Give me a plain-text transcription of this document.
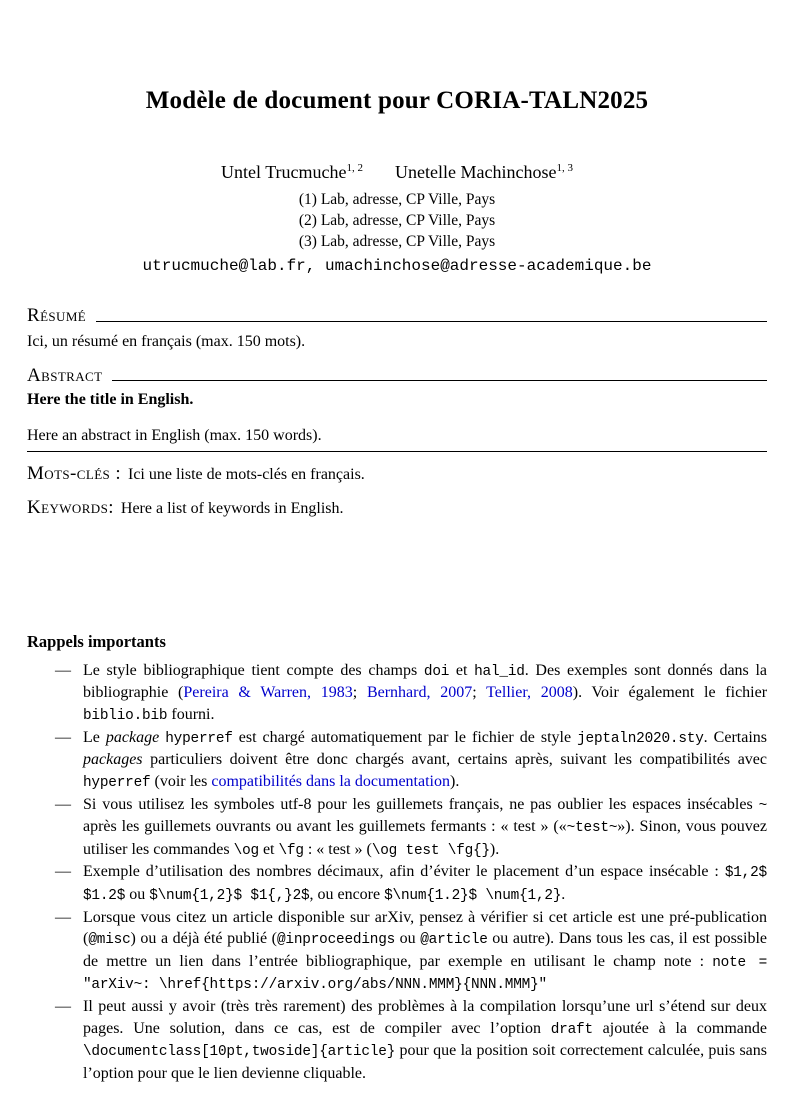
Modèle de document pour CORIA-TALN2025
Untel Trucmuche$^{1, 2}$ Unetelle Machinchose$^{1, 3}$
(1) Lab, adresse, CP Ville, Pays
(2) Lab, adresse, CP Ville, Pays
(3) Lab, adresse, CP Ville, Pays
utrucmuche@lab.fr, umachinchose@adresse-academique.be
Résumé

Ici, un résumé en français (max. 150 mots).

Abstract

Here the title in English.

Here an abstract in English (max. 150 words).

Mots-clés : Ici une liste de mots-clés en français.

Keywords: Here a list of keywords in English.

Rappels importants
— Le style bibliographique tient compte des champs doi et hal_id. Des exemples sont donnés dans la bibliographie (Pereira & Warren, 1983; Bernhard, 2007; Tellier, 2008). Voir également le fichier biblio.bib fourni.
— Le package hyperref est chargé automatiquement par le fichier de style jeptaln2020.sty. Certains packages particuliers doivent être donc chargés avant, certains après, suivant les compatibilités avec hyperref (voir les compatibilités dans la documentation).
— Si vous utilisez les symboles utf-8 pour les guillemets français, ne pas oublier les espaces insécables ~ après les guillemets ouvrants ou avant les guillemets fermants : « test » («~test~»). Sinon, vous pouvez utiliser les commandes \og et \fg : « test » (\og test \fg{}).
— Exemple d’utilisation des nombres décimaux, afin d’éviter le placement d’un espace insécable : $1,2$ $1.2$ ou $\num{1,2}$ $1{,}2$, ou encore $\num{1.2}$ \num{1,2}.
— Lorsque vous citez un article disponible sur arXiv, pensez à vérifier si cet article est une pré-publication (@misc) ou a déjà été publié (@inproceedings ou @article ou autre). Dans tous les cas, il est possible de mettre un lien dans l’entrée bibliographique, par exemple en utilisant le champ note : note = "arXiv~: \href{https://arxiv.org/abs/NNN.MMM}{NNN.MMM}"
— Il peut aussi y avoir (très très rarement) des problèmes à la compilation lorsqu’une url s’étend sur deux pages. Une solution, dans ce cas, est de compiler avec l’option draft ajoutée à la commande \documentclass[10pt,twoside]{article} pour que la position soit correctement calculée, puis sans l’option pour que le lien devienne cliquable.
